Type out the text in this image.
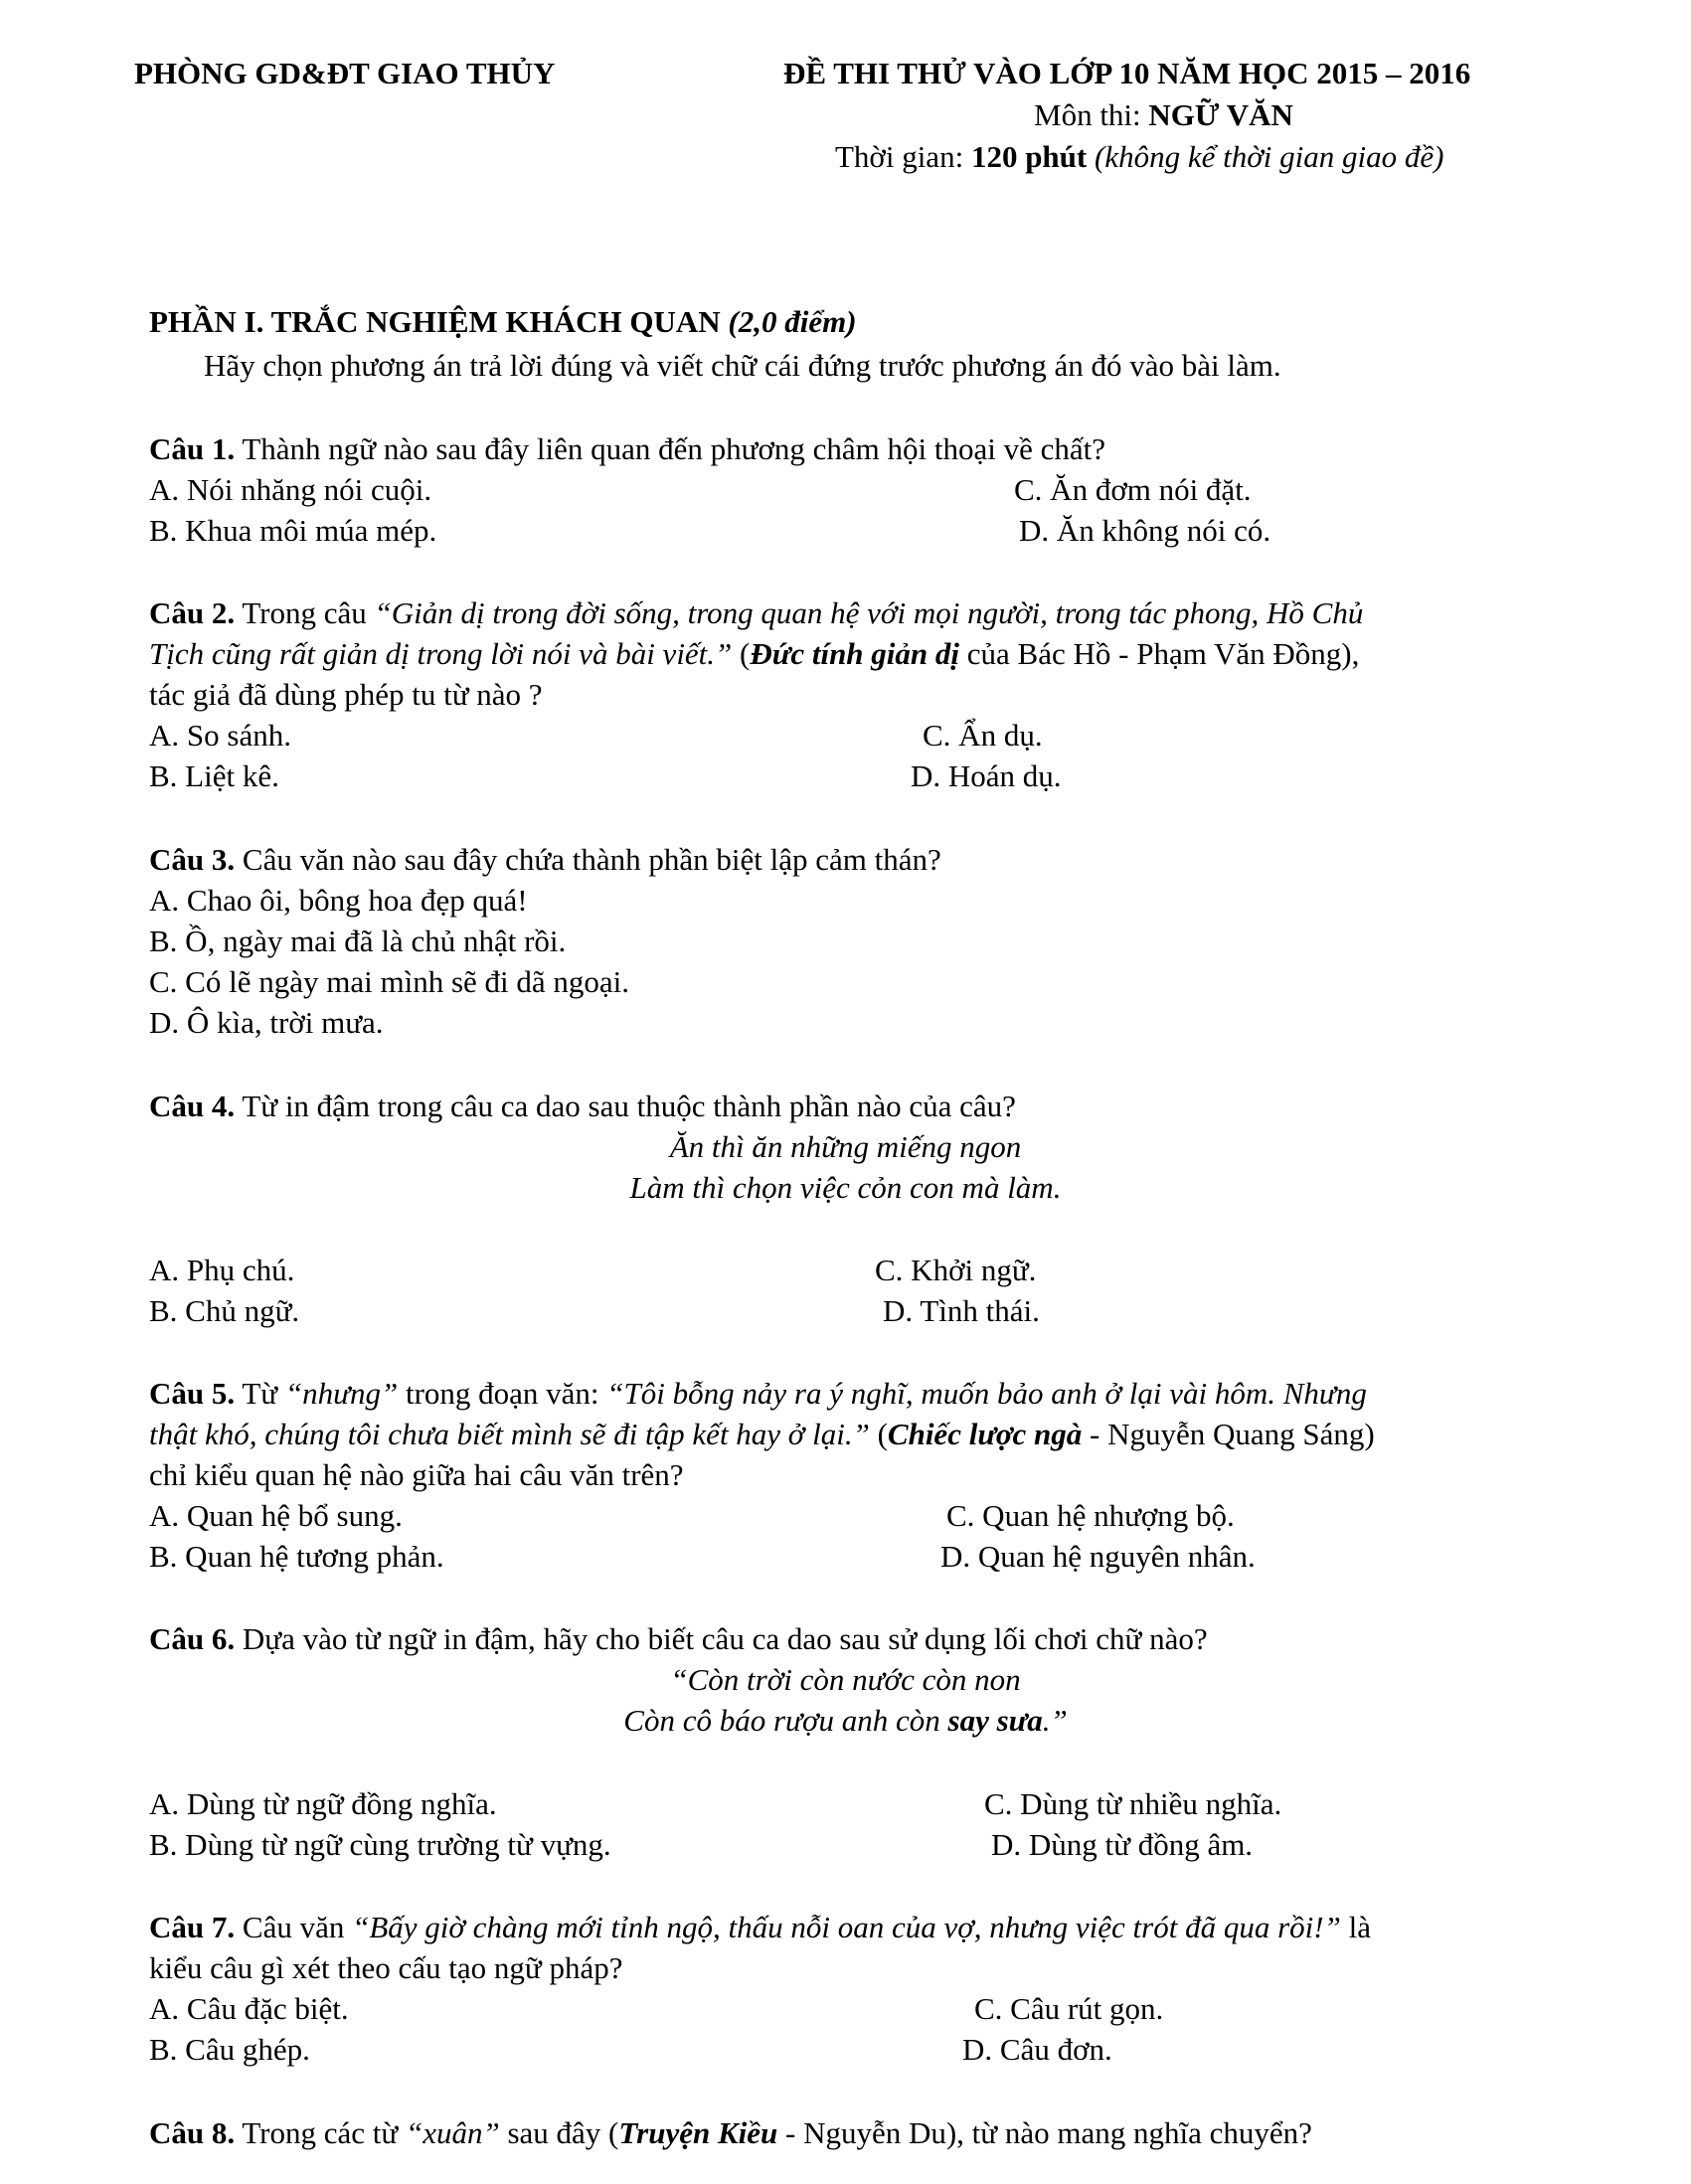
PHÒNG GD&ĐT GIAO THỦY	ĐỀ THI THỬ VÀO LỚP 10 NĂM HỌC 2015 – 2016
Môn thi: NGỮ VĂN
Thời gian: 120 phút (không kể thời gian giao đề)
PHẦN I. TRẮC NGHIỆM KHÁCH QUAN (2,0 điểm)
Hãy chọn phương án trả lời đúng và viết chữ cái đứng trước phương án đó vào bài làm.
Câu 1. Thành ngữ nào sau đây liên quan đến phương châm hội thoại về chất?
A. Nói nhăng nói cuội.	C. Ăn đơm nói đặt.
B. Khua môi múa mép.	D. Ăn không nói có.
Câu 2. Trong câu “Giản dị trong đời sống, trong quan hệ với mọi người, trong tác phong, Hồ Chủ
Tịch cũng rất giản dị trong lời nói và bài viết.” (Đức tính giản dị của Bác Hồ - Phạm Văn Đồng),
tác giả đã dùng phép tu từ nào ?
A. So sánh.	C. Ẩn dụ.
B. Liệt kê.	D. Hoán dụ.
Câu 3. Câu văn nào sau đây chứa thành phần biệt lập cảm thán?
A. Chao ôi, bông hoa đẹp quá!
B. Ồ, ngày mai đã là chủ nhật rồi.
C. Có lẽ ngày mai mình sẽ đi dã ngoại.
D. Ô kìa, trời mưa.
Câu 4. Từ in đậm trong câu ca dao sau thuộc thành phần nào của câu?
Ăn thì ăn những miếng ngon
Làm thì chọn việc cỏn con mà làm.
A. Phụ chú.	C. Khởi ngữ.
B. Chủ ngữ.	D. Tình thái.
Câu 5. Từ “nhưng” trong đoạn văn: “Tôi bỗng nảy ra ý nghĩ, muốn bảo anh ở lại vài hôm. Nhưng
thật khó, chúng tôi chưa biết mình sẽ đi tập kết hay ở lại.” (Chiếc lược ngà - Nguyễn Quang Sáng)
chỉ kiểu quan hệ nào giữa hai câu văn trên?
A. Quan hệ bổ sung.	C. Quan hệ nhượng bộ.
B. Quan hệ tương phản.	D. Quan hệ nguyên nhân.
Câu 6. Dựa vào từ ngữ in đậm, hãy cho biết câu ca dao sau sử dụng lối chơi chữ nào?
“Còn trời còn nước còn non
Còn cô báo rượu anh còn say sưa.”
A. Dùng từ ngữ đồng nghĩa.	C. Dùng từ nhiều nghĩa.
B. Dùng từ ngữ cùng trường từ vựng.	D. Dùng từ đồng âm.
Câu 7. Câu văn “Bấy giờ chàng mới tỉnh ngộ, thấu nỗi oan của vợ, nhưng việc trót đã qua rồi!” là
kiểu câu gì xét theo cấu tạo ngữ pháp?
A. Câu đặc biệt.	C. Câu rút gọn.
B. Câu ghép.	D. Câu đơn.
Câu 8. Trong các từ “xuân” sau đây (Truyện Kiều - Nguyễn Du), từ nào mang nghĩa chuyển?
